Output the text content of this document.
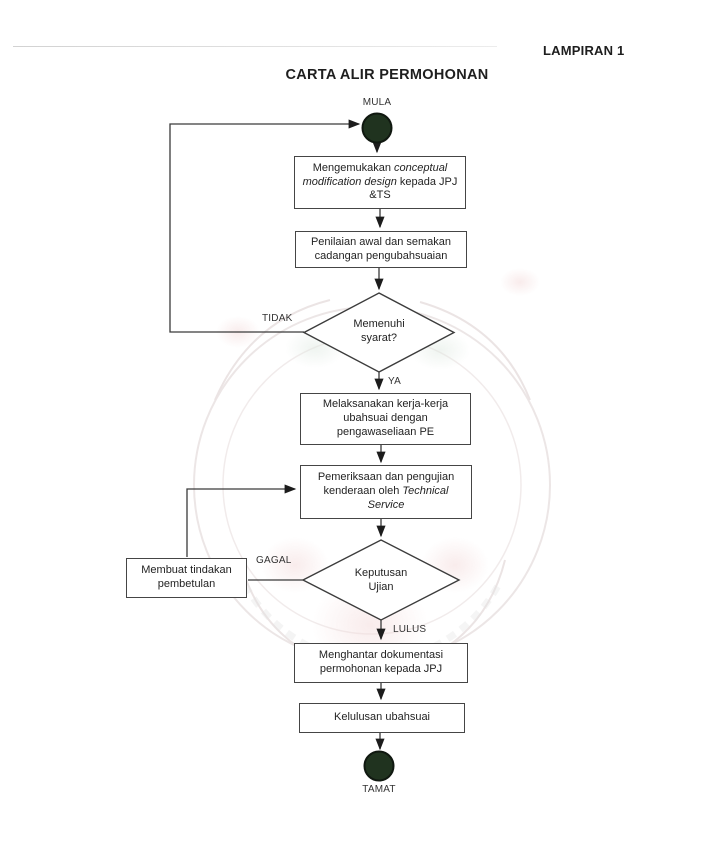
LAMPIRAN 1
CARTA ALIR PERMOHONAN
MULA
TAMAT
Mengemukakan conceptual modification design kepada JPJ &TS
Penilaian awal dan semakan cadangan pengubahsuaian
Melaksanakan kerja-kerja ubahsuai dengan pengawaseliaan PE
Pemeriksaan dan pengujian kenderaan oleh Technical Service
Menghantar dokumentasi permohonan kepada JPJ
Kelulusan ubahsuai
Membuat tindakan pembetulan
Memenuhi syarat?
Keputusan Ujian
TIDAK
YA
GAGAL
LULUS
